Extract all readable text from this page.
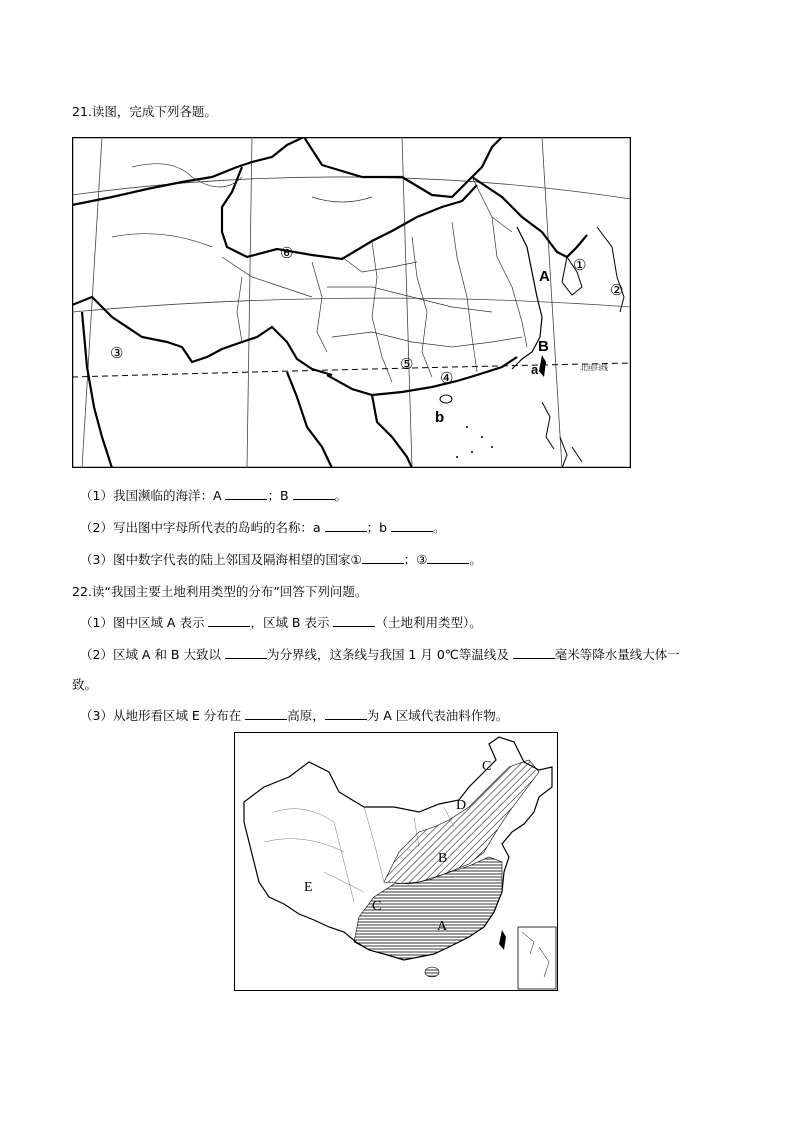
21.读图，完成下列各题。
A
B
a
b
①
②
③
④
⑤
⑥
北回归线
（1）我国濒临的海洋：A	；B	。
（2）写出图中字母所代表的岛屿的名称：a	；b	。
（3）图中数字代表的陆上邻国及隔海相望的国家①	；③	。
22.读“我国主要土地利用类型的分布”回答下列问题。
（1）图中区域 A 表示	，区域 B 表示	（土地利用类型）。
（2）区域 A 和 B 大致以	为分界线，这条线与我国 1 月 0℃等温线及	毫米等降水量线大体一
致。
（3）从地形看区域 E 分布在	高原，	为 A 区域代表油料作物。
A
B
C
C
D
E
